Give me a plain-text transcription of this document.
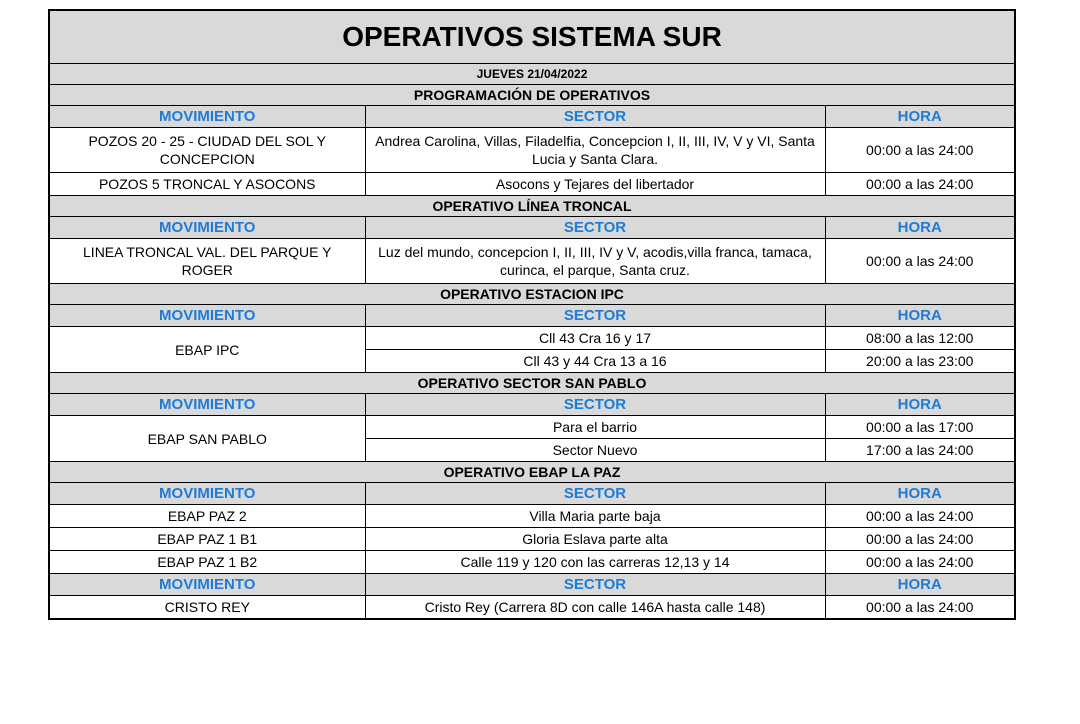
OPERATIVOS SISTEMA SUR		
JUEVES 21/04/2022		
PROGRAMACIÓN DE OPERATIVOS		
MOVIMIENTO	SECTOR	HORA
POZOS 20 - 25 - CIUDAD DEL SOL Y CONCEPCION	Andrea Carolina, Villas, Filadelfia, Concepcion I, II, III, IV, V y VI, Santa Lucia y Santa Clara.	00:00 a las 24:00
POZOS 5 TRONCAL Y ASOCONS	Asocons y Tejares del libertador	00:00 a las 24:00
OPERATIVO LÍNEA TRONCAL		
MOVIMIENTO	SECTOR	HORA
LINEA TRONCAL VAL. DEL PARQUE Y ROGER	Luz del mundo, concepcion I, II, III, IV y V, acodis,villa franca, tamaca, curinca, el parque, Santa cruz.	00:00 a las 24:00
OPERATIVO ESTACION IPC		
MOVIMIENTO	SECTOR	HORA
EBAP IPC	Cll 43 Cra 16 y 17	08:00 a las 12:00
	Cll 43 y 44 Cra 13 a 16	20:00 a las 23:00
OPERATIVO SECTOR SAN PABLO		
MOVIMIENTO	SECTOR	HORA
EBAP SAN PABLO	Para el barrio	00:00 a las 17:00
	Sector Nuevo	17:00 a las 24:00
OPERATIVO EBAP LA PAZ		
MOVIMIENTO	SECTOR	HORA
EBAP PAZ 2	Villa Maria parte baja	00:00 a las 24:00
EBAP PAZ 1 B1	Gloria Eslava parte alta	00:00 a las 24:00
EBAP PAZ 1 B2	Calle 119 y 120 con las carreras 12,13 y 14	00:00 a las 24:00
MOVIMIENTO	SECTOR	HORA
CRISTO REY	Cristo Rey (Carrera 8D con calle 146A hasta calle 148)	00:00 a las 24:00
